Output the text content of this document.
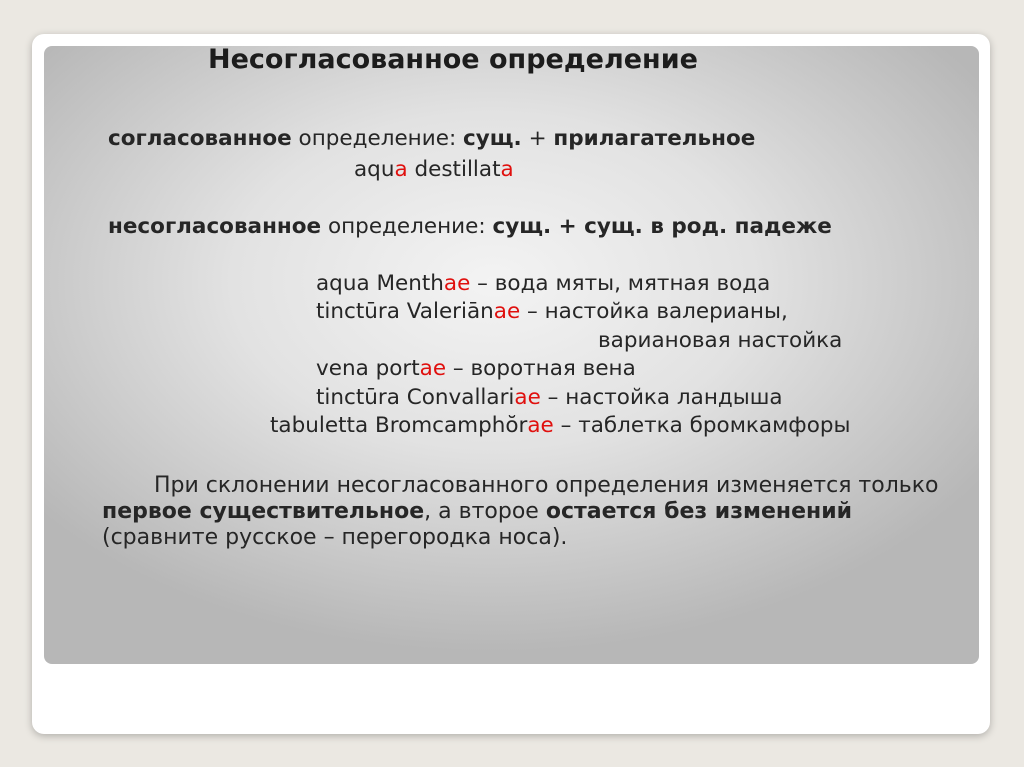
Несогласованное определение
согласованное определение: сущ. + прилагательное
aqua destillata
несогласованное определение: сущ. + сущ. в род. падеже
aqua Menthae – вода мяты, мятная вода
tinctūra Valeriānae – настойка валерианы,
варианoвая настойка
vena portae – воротная вена
tinctūra Convallariae – настойка ландыша
tabuletta Bromcamphŏrae – таблетка бромкамфоры
При склонении несогласованного определения изменяется только первое существительное, а второе остается без изменений (сравните русское – перегородка носа).
